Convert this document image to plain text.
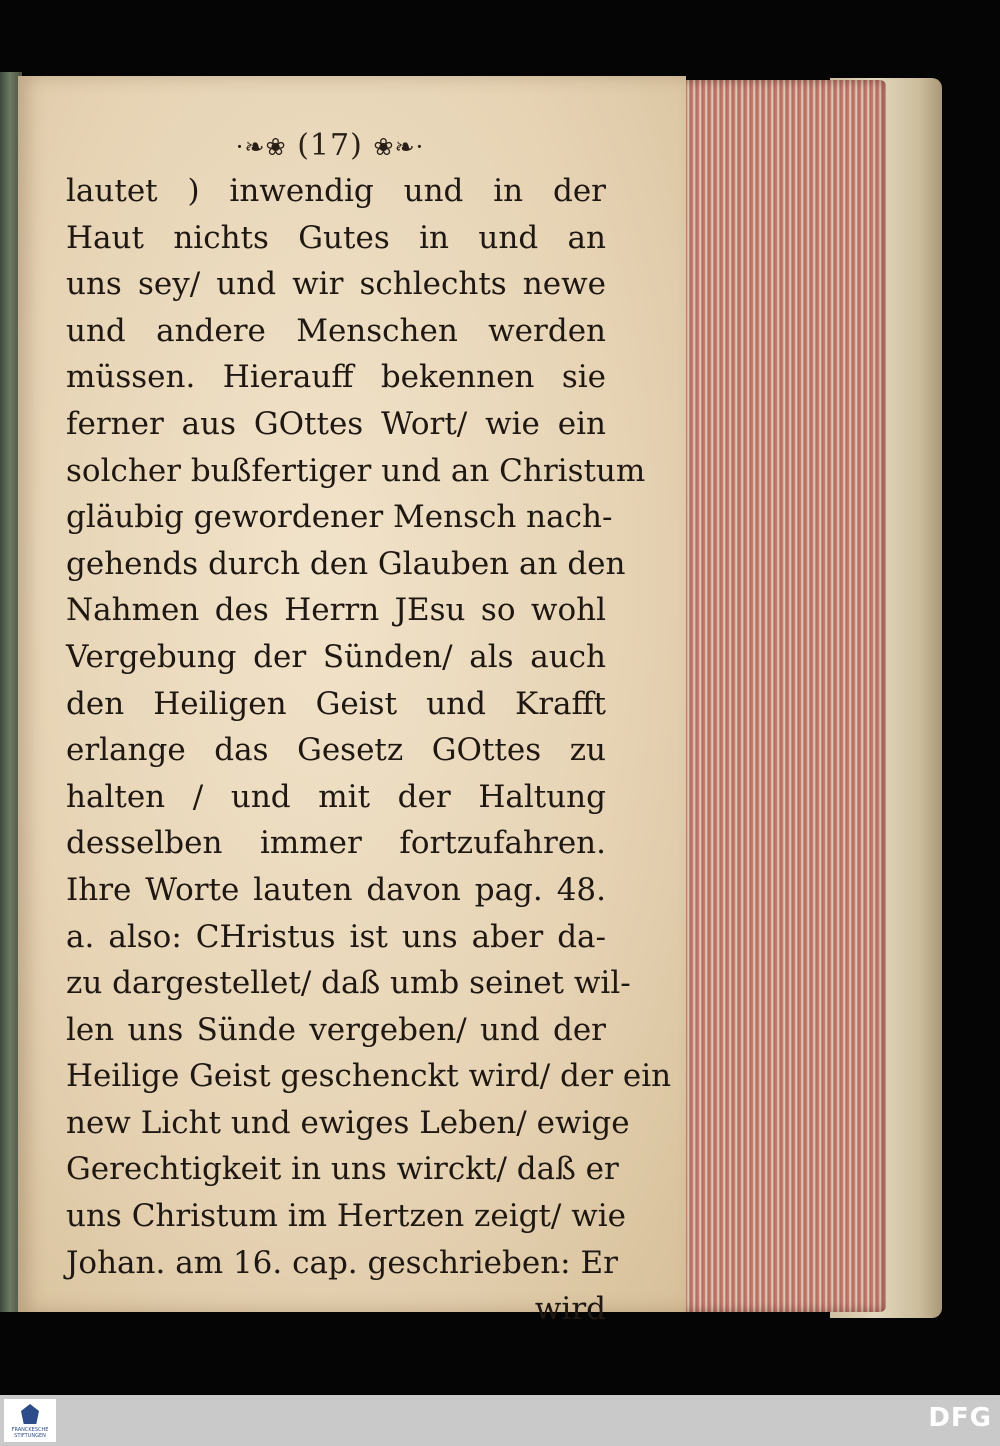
·❧❀ (17) ❀❧·
lautet ) inwendig und in der
Haut nichts Gutes in und an
uns sey/ und wir schlechts newe
und andere Menschen werden
müssen. Hierauff bekennen sie
ferner aus GOttes Wort/ wie ein
solcher bußfertiger und an Christum
gläubig gewordener Mensch nach-
gehends durch den Glauben an den
Nahmen des Herrn JEsu so wohl
Vergebung der Sünden/ als auch
den Heiligen Geist und Krafft
erlange das Gesetz GOttes zu
halten / und mit der Haltung
desselben immer fortzufahren.
Ihre Worte lauten davon pag. 48.
a. also: CHristus ist uns aber da-
zu dargestellet/ daß umb seinet wil-
len uns Sünde vergeben/ und der
Heilige Geist geschenckt wird/ der ein
new Licht und ewiges Leben/ ewige
Gerechtigkeit in uns wirckt/ daß er
uns Christum im Hertzen zeigt/ wie
Johan. am 16. cap. geschrieben: Er
wird
FRANCKESCHE
STIFTUNGEN
DFG
